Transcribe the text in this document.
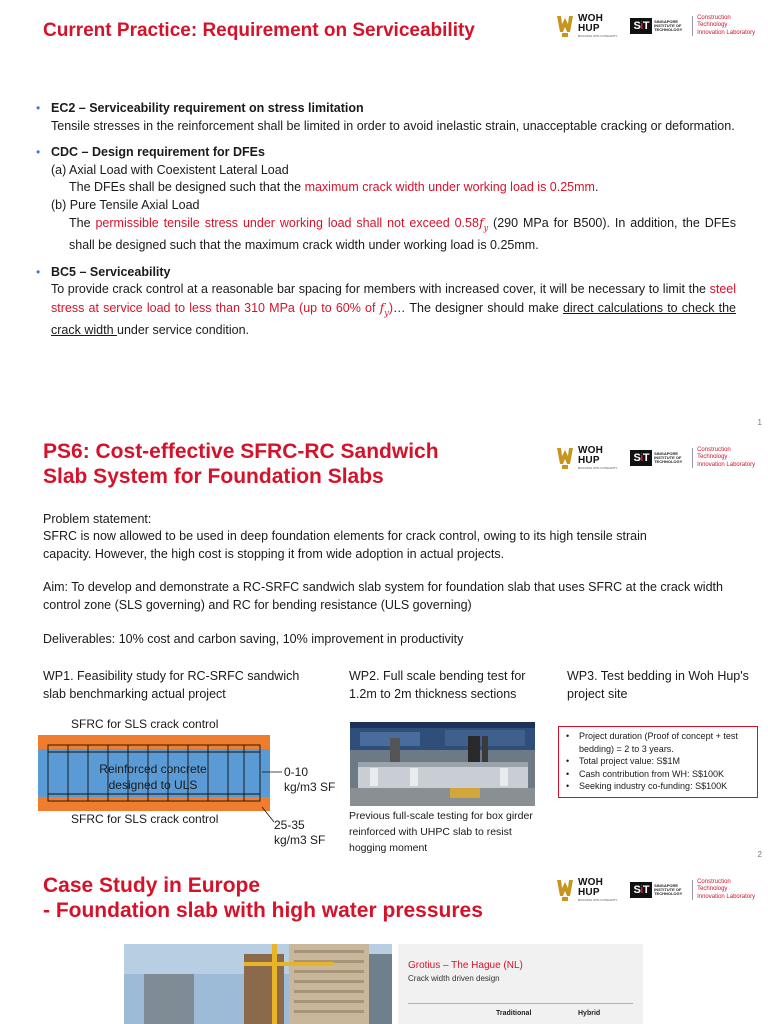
Current Practice: Requirement on Serviceability
WOH HUP
BUILDING WITH INTEGRITY
SiT	SINGAPORE INSTITUTE OF TECHNOLOGY
Construction Technology
Innovation Laboratory
• EC2 – Serviceability requirement on stress limitation
Tensile stresses in the reinforcement shall be limited in order to avoid inelastic strain, unacceptable cracking or deformation.
• CDC – Design requirement for DFEs
(a) Axial Load with Coexistent Lateral Load
The DFEs shall be designed such that the maximum crack width under working load is 0.25mm.
(b) Pure Tensile Axial Load
The permissible tensile stress under working load shall not exceed $0.58f_y$ (290 MPa for B500). In addition, the DFEs shall be designed such that the maximum crack width under working load is 0.25mm.
• BC5 – Serviceability
To provide crack control at a reasonable bar spacing for members with increased cover, it will be necessary to limit the steel stress at service load to less than 310 MPa (up to 60% of $f_y)\dots$ The designer should make direct calculations to check the crack width under service condition.
1
PS6: Cost-effective SFRC-RC Sandwich
Slab System for Foundation Slabs
WOH HUP
BUILDING WITH INTEGRITY
SiT	SINGAPORE INSTITUTE OF TECHNOLOGY
Construction Technology
Innovation Laboratory
Problem statement:
SFRC is now allowed to be used in deep foundation elements for crack control, owing to its high tensile strain capacity. However, the high cost is stopping it from wide adoption in actual projects.
Aim: To develop and demonstrate a RC-SRFC sandwich slab system for foundation slab that uses SFRC at the crack width control zone (SLS governing) and RC for bending resistance (ULS governing)
Deliverables: 10% cost and carbon saving, 10% improvement in productivity
WP1. Feasibility study for RC-SRFC sandwich slab benchmarking actual project
WP2. Full scale bending test for 1.2m to 2m thickness sections
WP3. Test bedding in Woh Hup's project site
SFRC for SLS crack control
Reinforced concrete
designed to ULS
0-10
kg/m3 SF
SFRC for SLS crack control	25-35
kg/m3 SF
Previous full-scale testing for box girder reinforced with UHPC slab to resist hogging moment
• Project duration (Proof of concept + test bedding) = 2 to 3 years.
• Total project value: S$1M
• Cash contribution from WH: S$100K
• Seeking industry co-funding: S$100K
2
Case Study in Europe
- Foundation slab with high water pressures
WOH HUP
BUILDING WITH INTEGRITY
SiT	SINGAPORE INSTITUTE OF TECHNOLOGY
Construction Technology
Innovation Laboratory
Grotius – The Hague (NL)
Crack width driven design
Traditional	Hybrid
